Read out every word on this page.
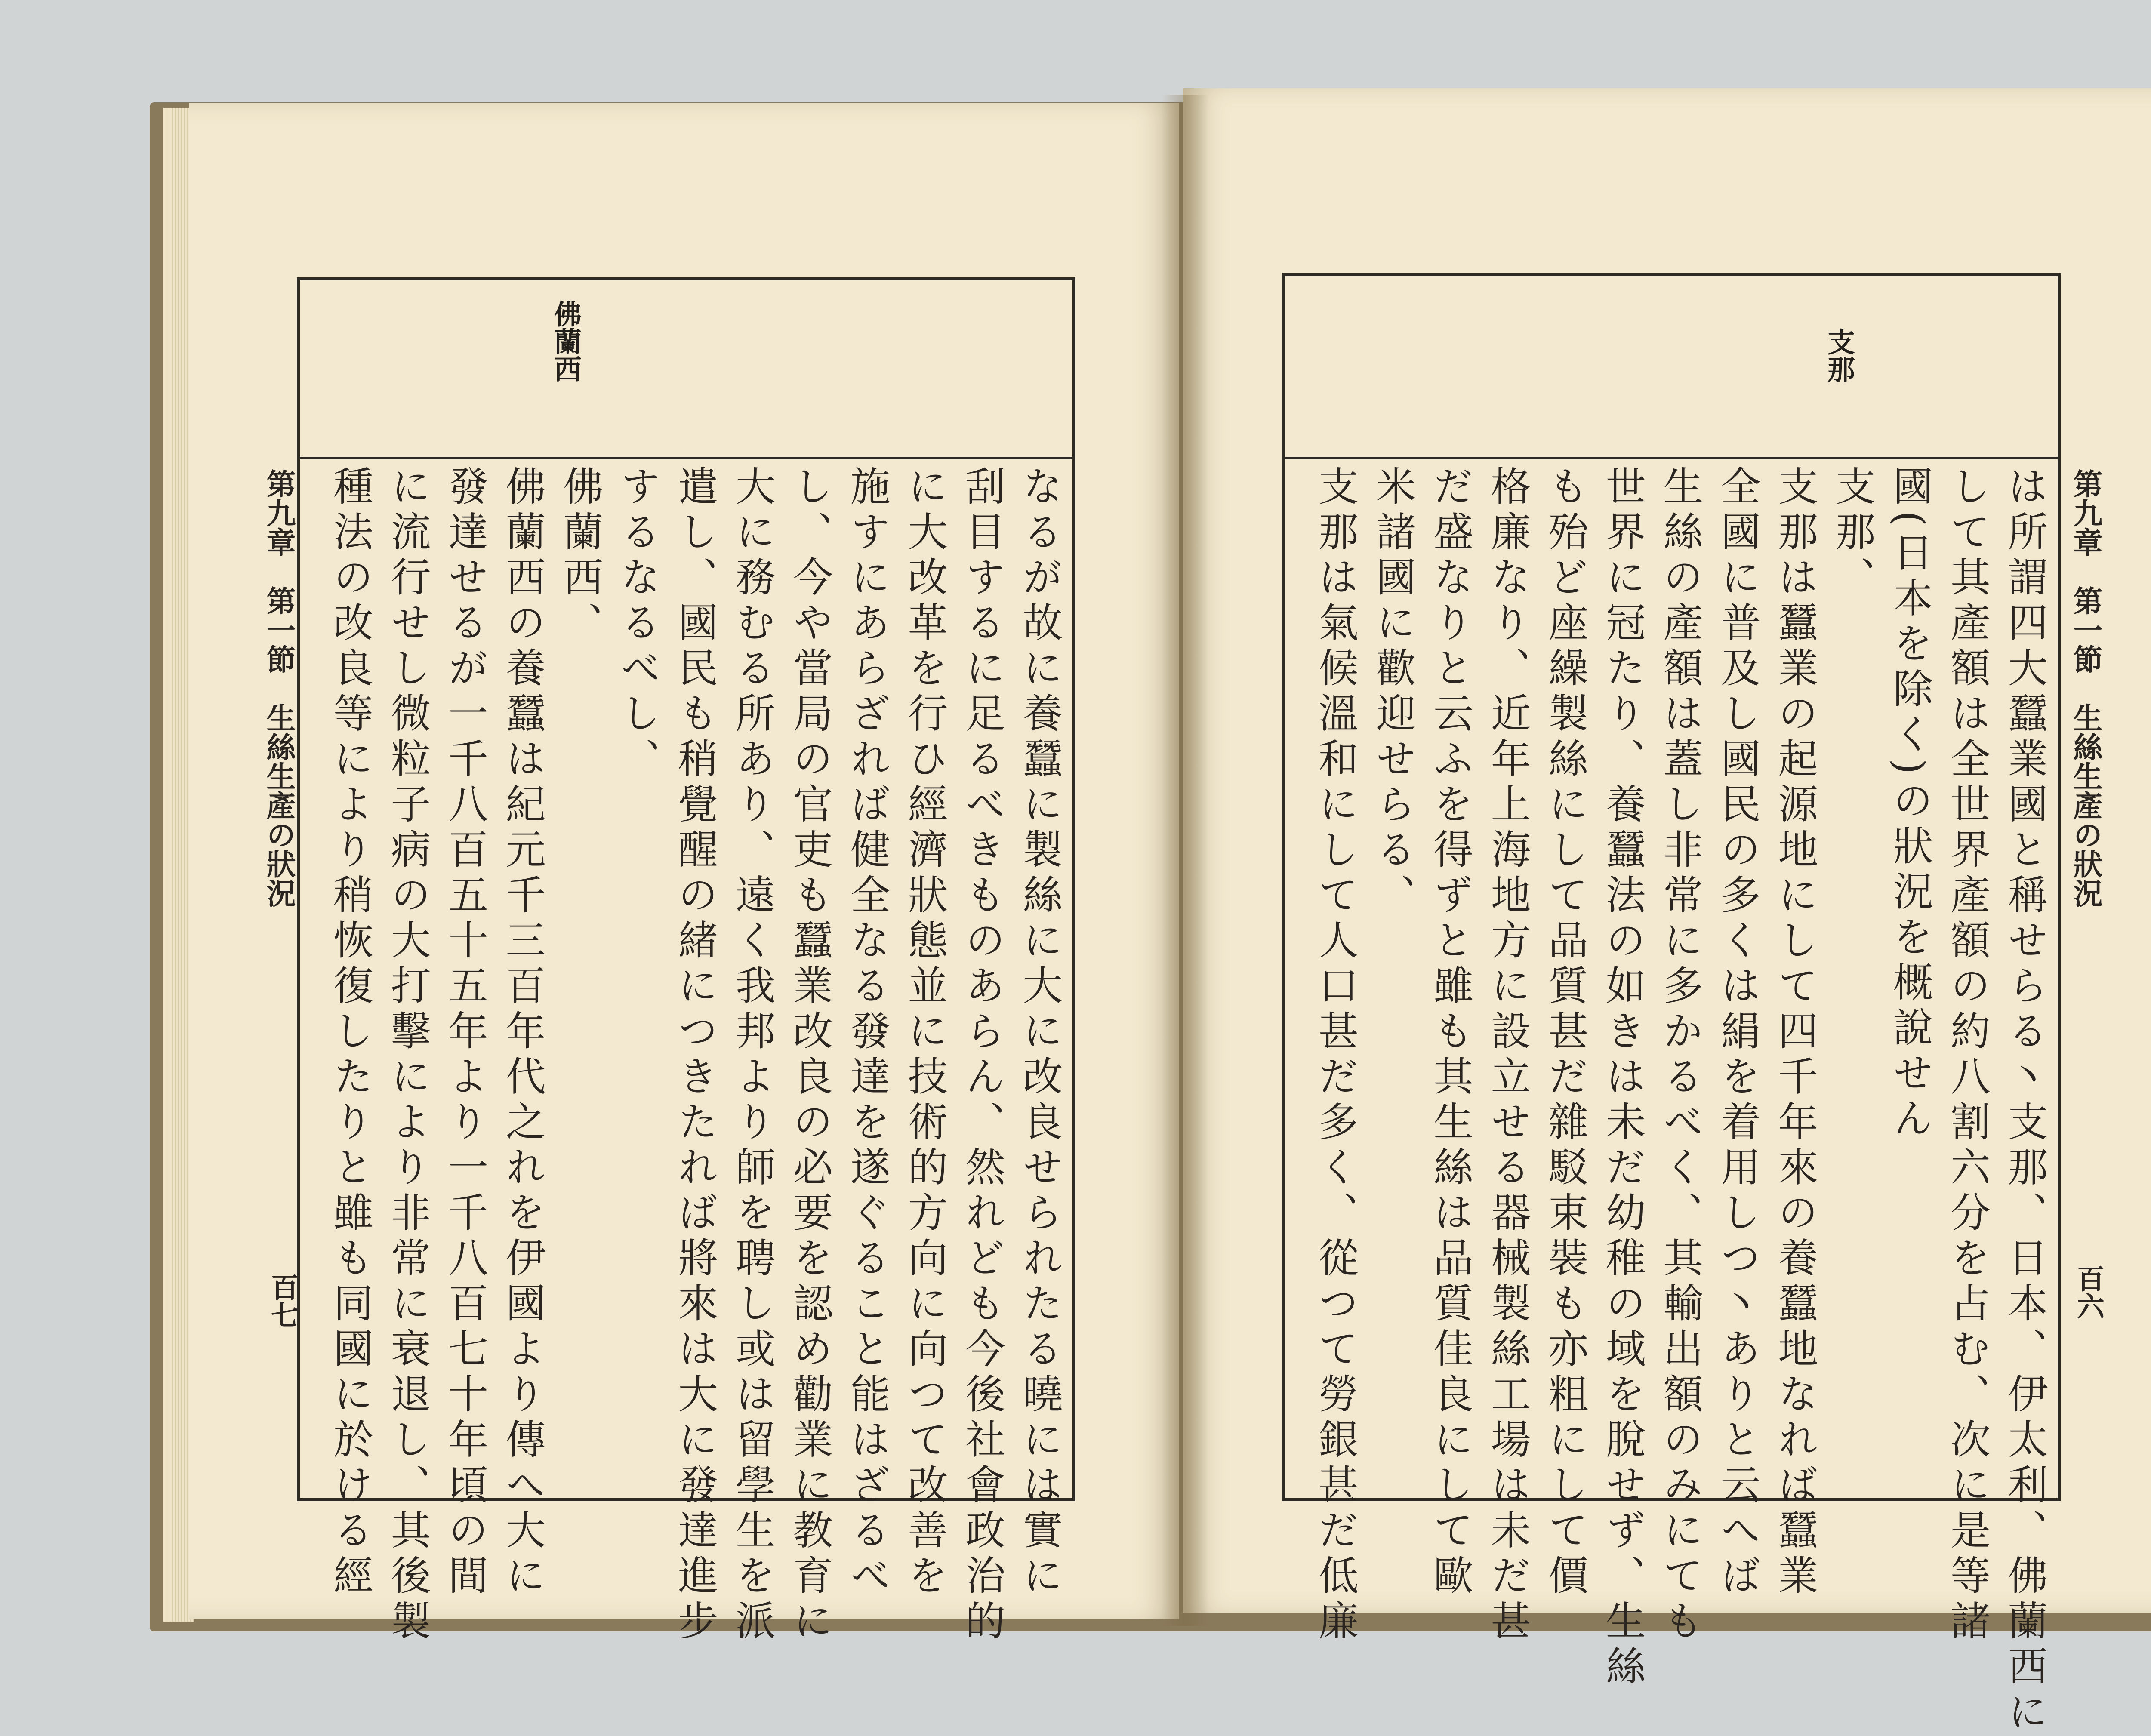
支那
は所謂四大蠶業國と稱せらる丶支那、日本、伊太利、佛蘭西に
して其產額は全世界產額の約八割六分を占む、次に是等諸
國(日本を除く)の狀況を概說せん
支那、
支那は蠶業の起源地にして四千年來の養蠶地なれば蠶業
全國に普及し國民の多くは絹を着用しつ丶ありと云へば
生絲の產額は蓋し非常に多かるべく、其輸出額のみにても
世界に冠たり、養蠶法の如きは未だ幼稚の域を脫せず、生絲
も殆ど座繰製絲にして品質甚だ雜駁束裝も亦粗にして價
格廉なり、近年上海地方に設立せる器械製絲工場は未だ甚
だ盛なりと云ふを得ずと雖も其生絲は品質佳良にして歐
米諸國に歡迎せらる、
支那は氣候溫和にして人口甚だ多く、從つて勞銀甚だ低廉	第九章　第一節　生絲生產の狀況
百六
佛蘭西
なるが故に養蠶に製絲に大に改良せられたる曉には實に
刮目するに足るべきものあらん、然れども今後社會政治的
に大改革を行ひ經濟狀態並に技術的方向に向つて改善を
施すにあらざれば健全なる發達を遂ぐること能はざるべ
し、今や當局の官吏も蠶業改良の必要を認め勸業に教育に
大に務むる所あり、遠く我邦より師を聘し或は留學生を派
遣し、國民も稍覺醒の緒につきたれば將來は大に發達進步
するなるべし、
佛蘭西、
佛蘭西の養蠶は紀元千三百年代之れを伊國より傳へ大に
發達せるが一千八百五十五年より一千八百七十年頃の間
に流行せし微粒子病の大打擊により非常に衰退し、其後製
種法の改良等により稍恢復したりと雖も同國に於ける經
第九章　第一節　生絲生產の狀況
百七
